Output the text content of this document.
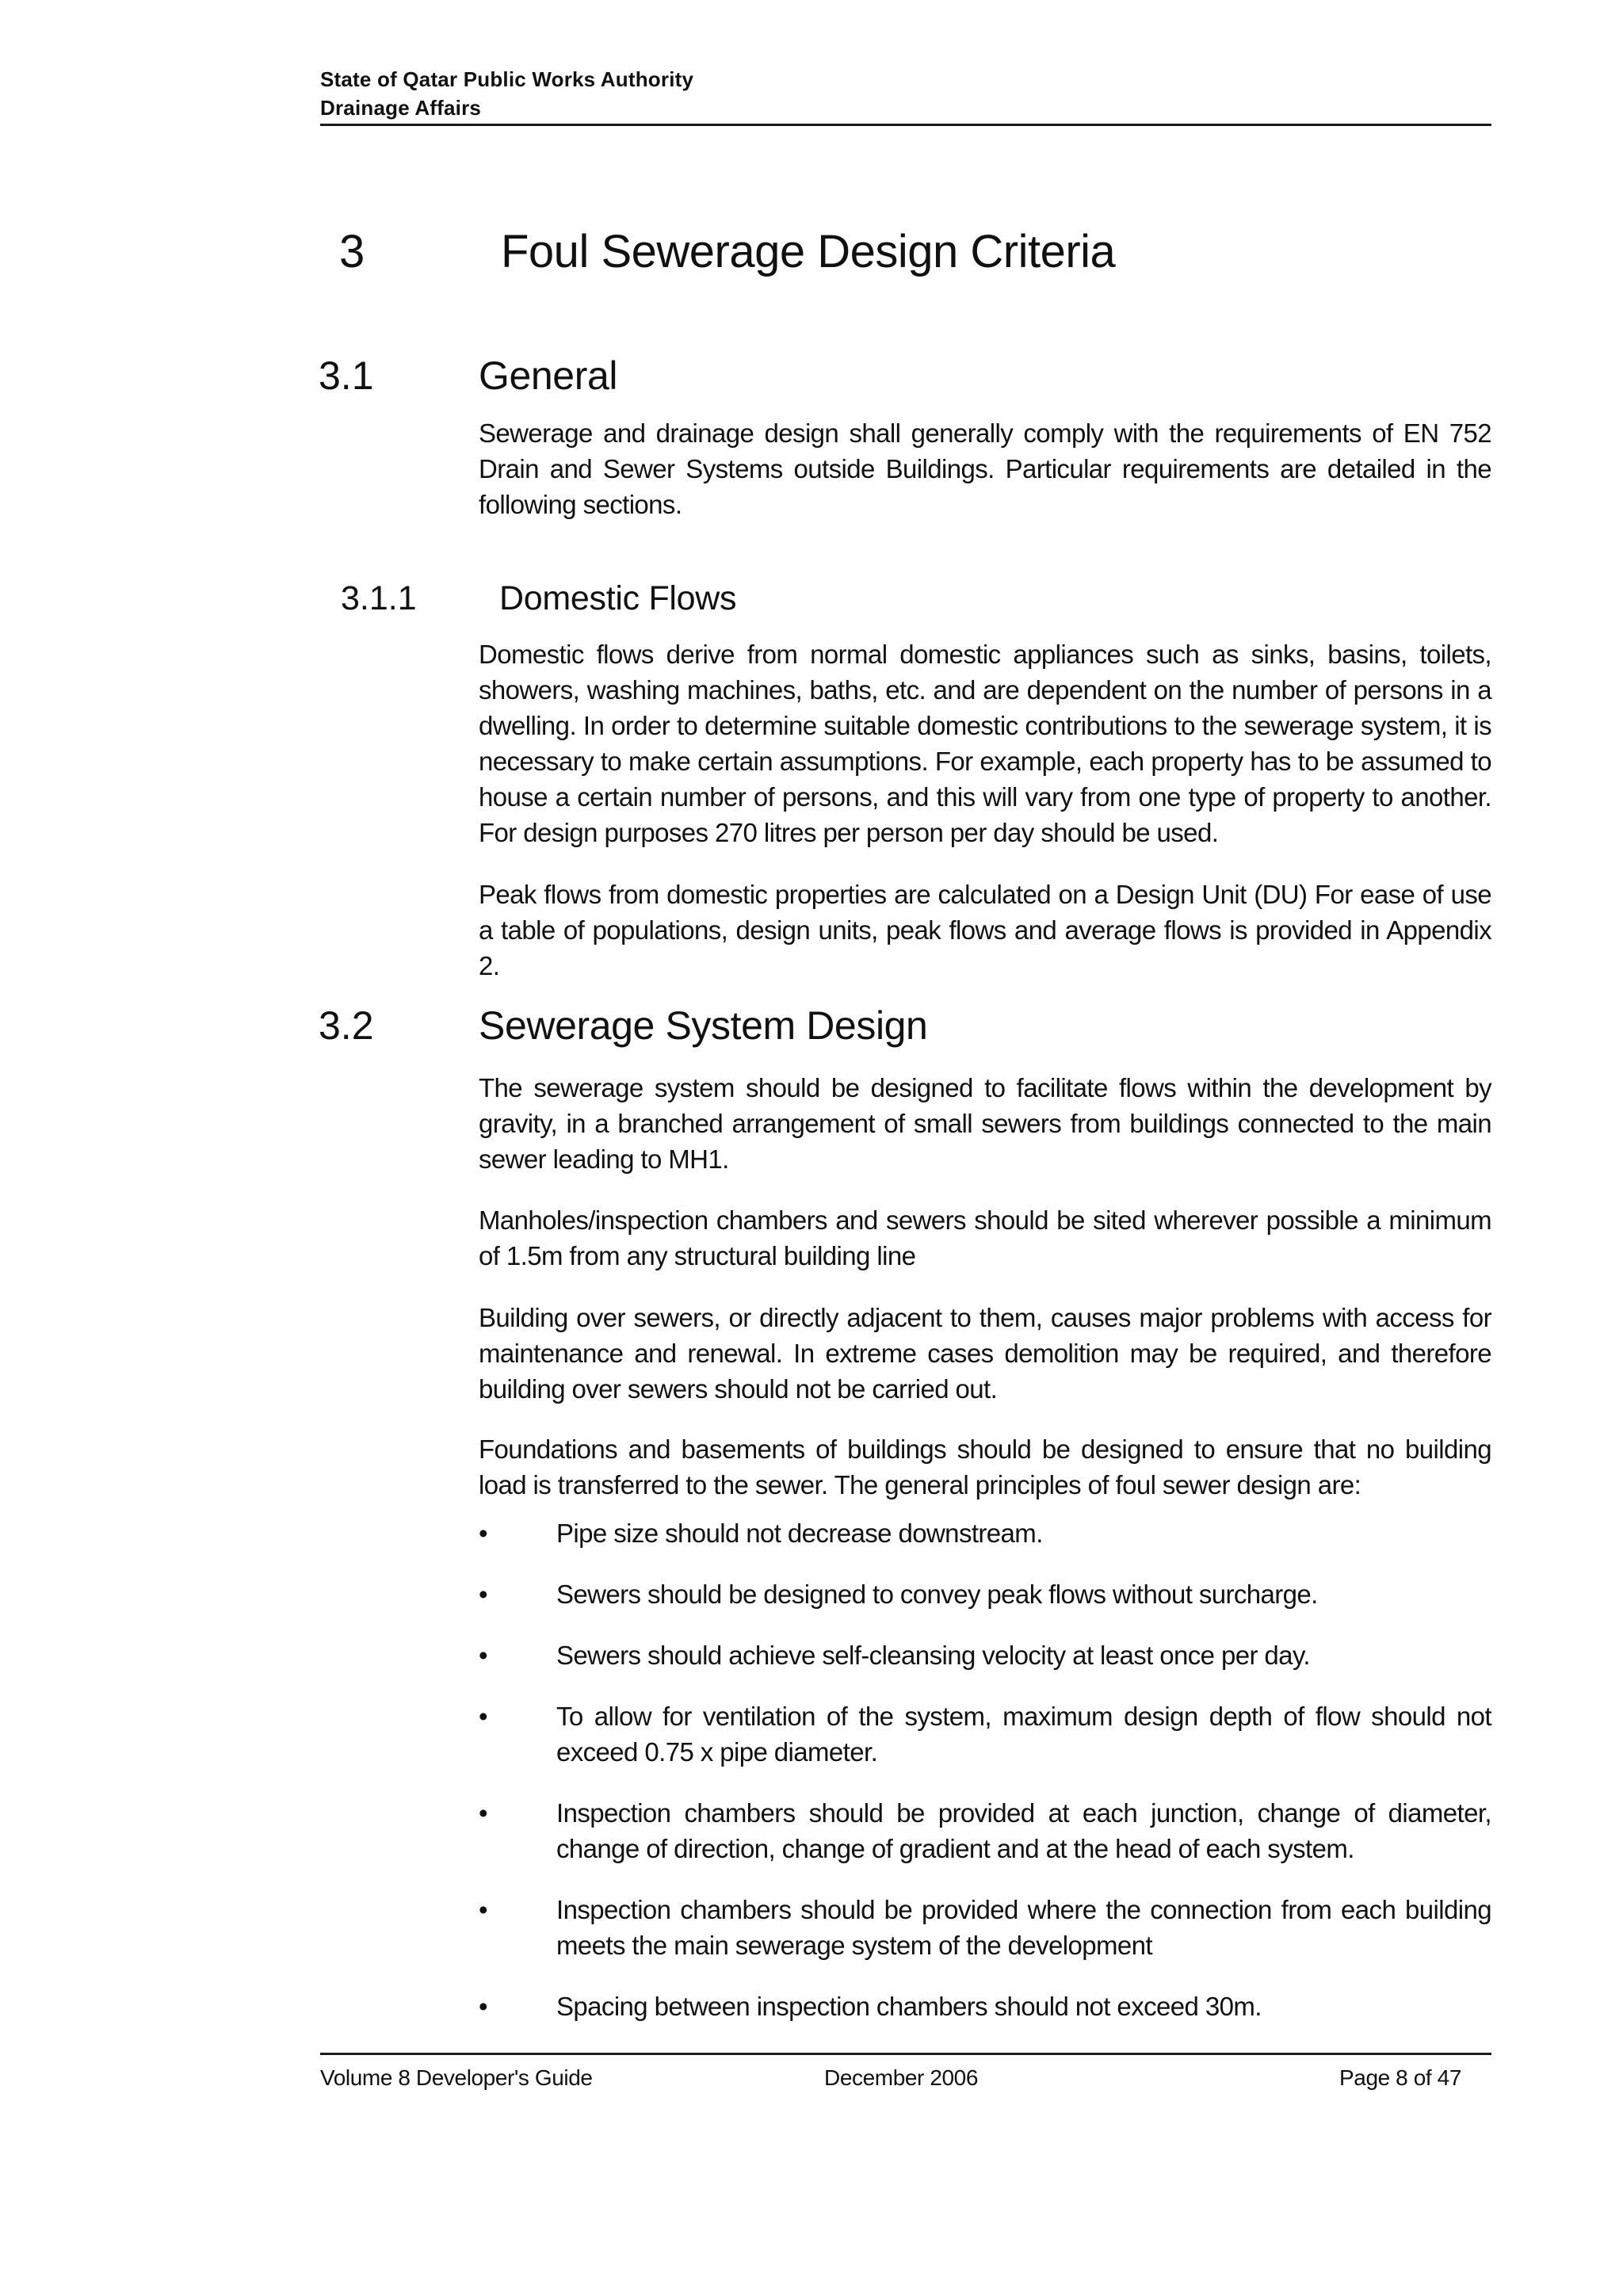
State of Qatar Public Works Authority
Drainage Affairs
3	Foul Sewerage Design Criteria
3.1	General

Sewerage and drainage design shall generally comply with the requirements of EN 752 Drain and Sewer Systems outside Buildings. Particular requirements are detailed in the following sections.

3.1.1 Domestic Flows

Domestic flows derive from normal domestic appliances such as sinks, basins, toilets, showers, washing machines, baths, etc. and are dependent on the number of persons in a dwelling. In order to determine suitable domestic contributions to the sewerage system, it is necessary to make certain assumptions. For example, each property has to be assumed to house a certain number of persons, and this will vary from one type of property to another. For design purposes 270 litres per person per day should be used.

Peak flows from domestic properties are calculated on a Design Unit (DU) For ease of use a table of populations, design units, peak flows and average flows is provided in Appendix 2.

3.2	Sewerage System Design

The sewerage system should be designed to facilitate flows within the development by gravity, in a branched arrangement of small sewers from buildings connected to the main sewer leading to MH1.

Manholes/inspection chambers and sewers should be sited wherever possible a minimum of 1.5m from any structural building line

Building over sewers, or directly adjacent to them, causes major problems with access for maintenance and renewal. In extreme cases demolition may be required, and therefore building over sewers should not be carried out.

Foundations and basements of buildings should be designed to ensure that no building load is transferred to the sewer. The general principles of foul sewer design are:

•	Pipe size should not decrease downstream.
•	Sewers should be designed to convey peak flows without surcharge.
•	Sewers should achieve self-cleansing velocity at least once per day.
•	To allow for ventilation of the system, maximum design depth of flow should not exceed 0.75 x pipe diameter.
•	Inspection chambers should be provided at each junction, change of diameter, change of direction, change of gradient and at the head of each system.
•	Inspection chambers should be provided where the connection from each building meets the main sewerage system of the development
•	Spacing between inspection chambers should not exceed 30m.
Volume 8 Developer's Guide	December 2006	Page 8 of 47
